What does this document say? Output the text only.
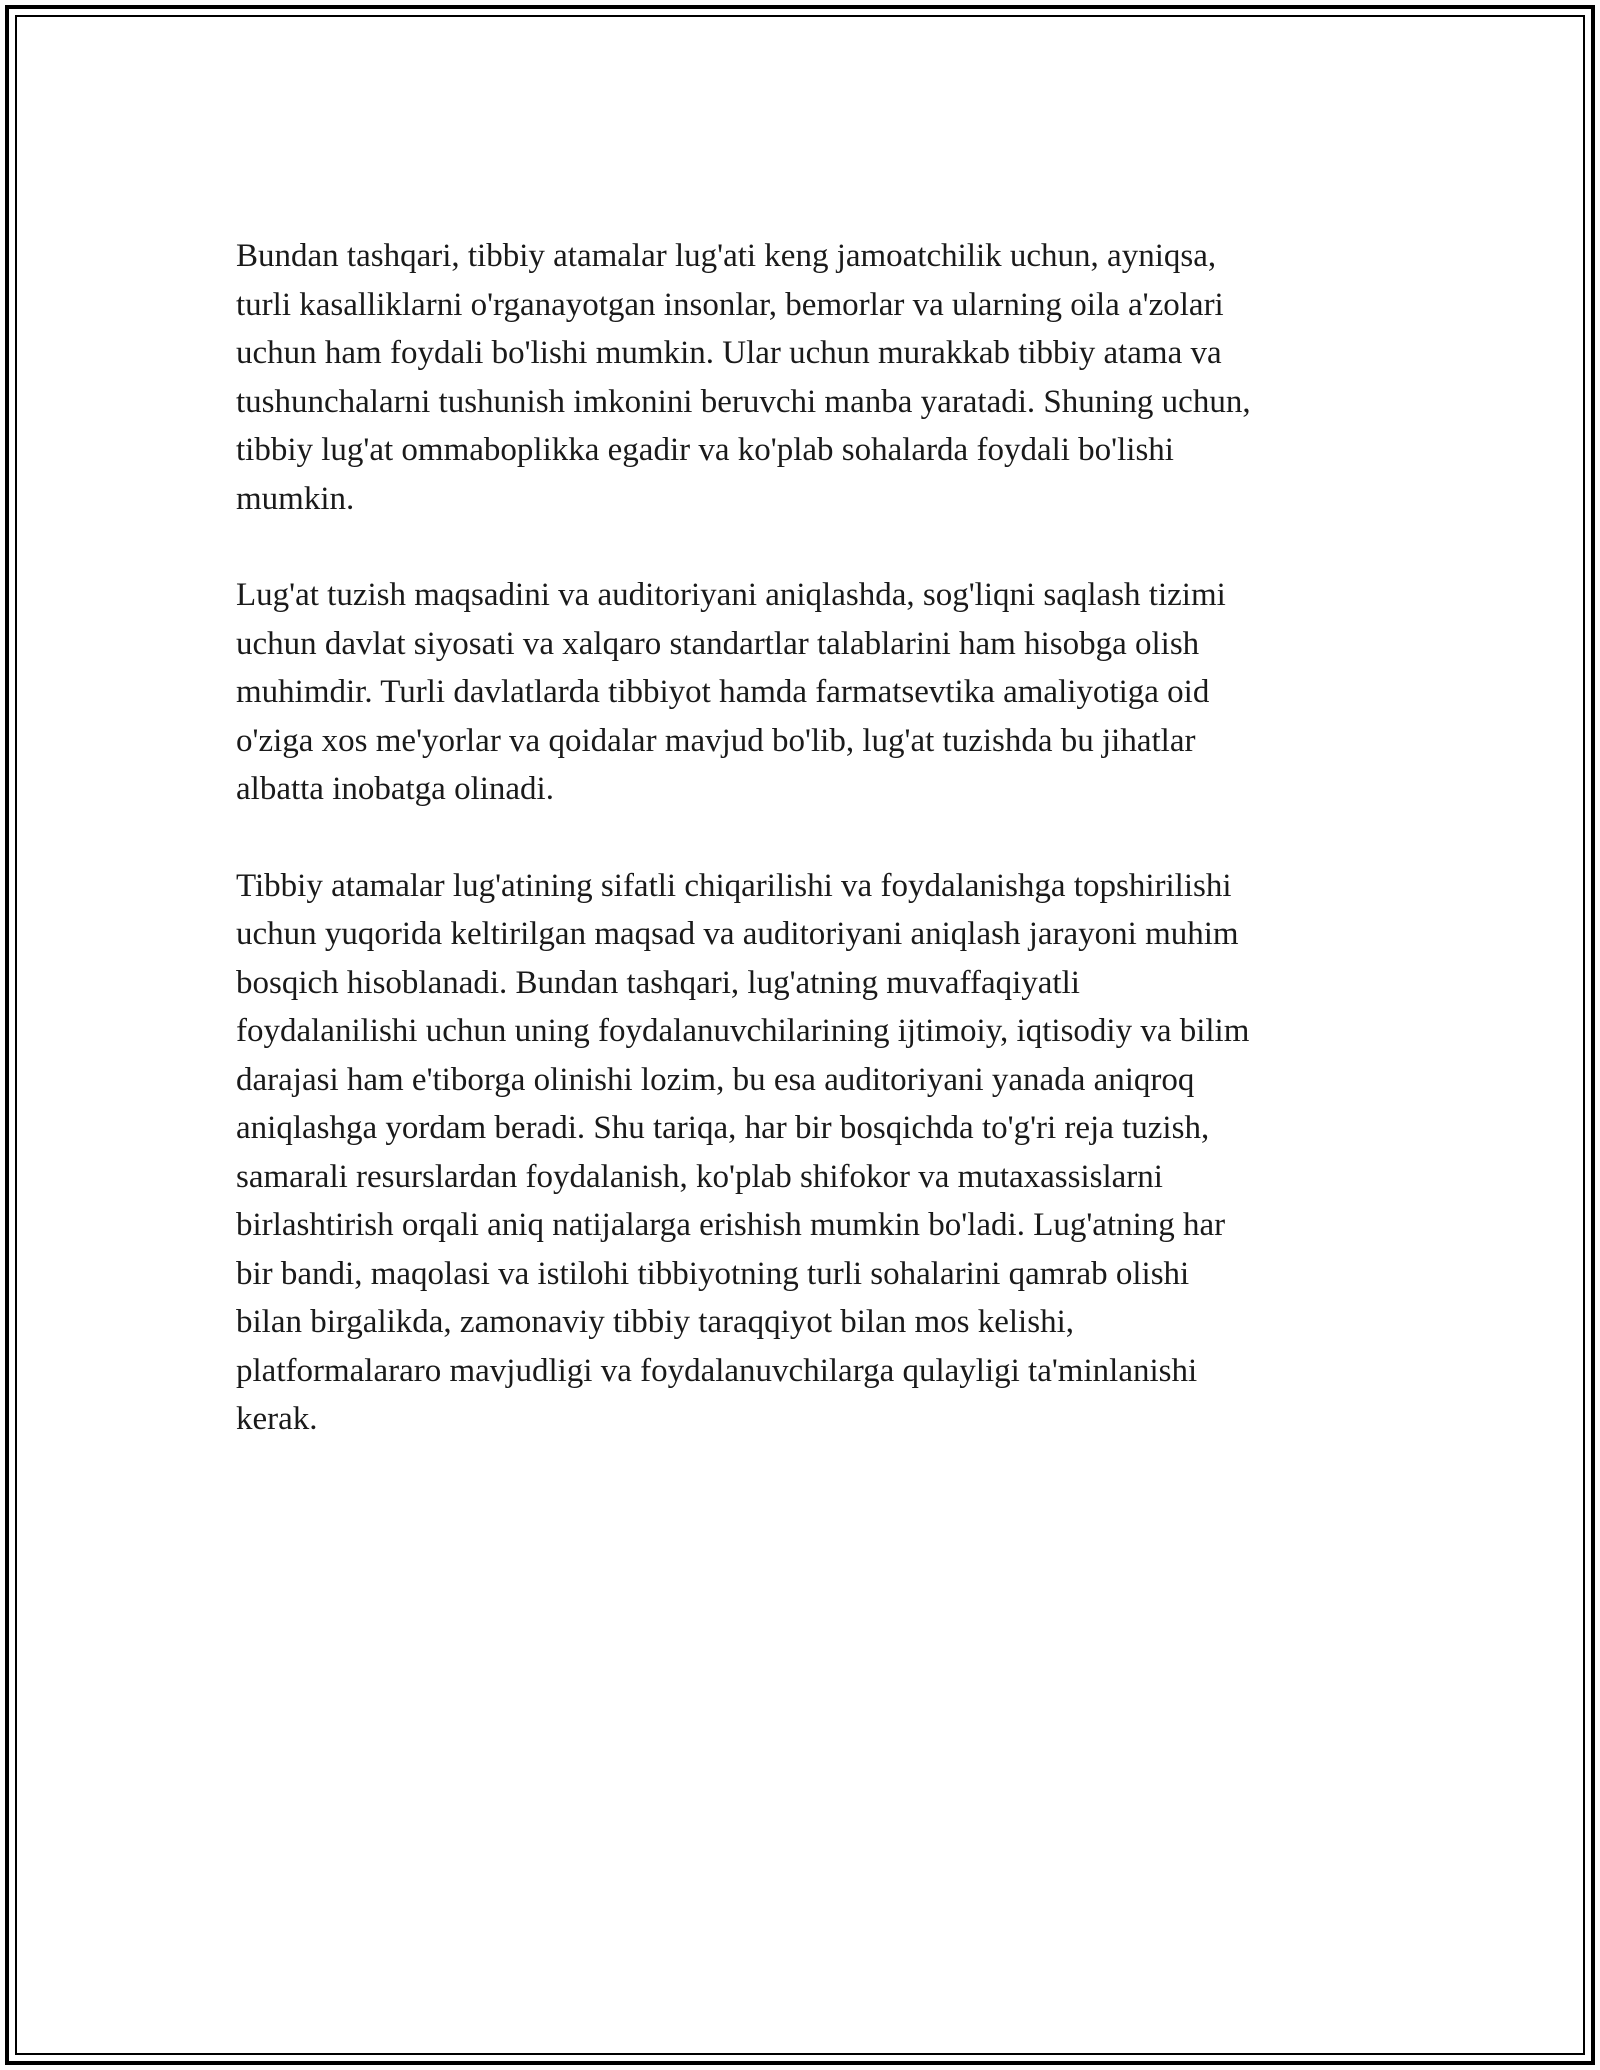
Bundan tashqari, tibbiy atamalar lug'ati keng jamoatchilik uchun, ayniqsa,
turli kasalliklarni o'rganayotgan insonlar, bemorlar va ularning oila a'zolari
uchun ham foydali bo'lishi mumkin. Ular uchun murakkab tibbiy atama va
tushunchalarni tushunish imkonini beruvchi manba yaratadi. Shuning uchun,
tibbiy lug'at ommaboplikka egadir va ko'plab sohalarda foydali bo'lishi
mumkin.

Lug'at tuzish maqsadini va auditoriyani aniqlashda, sog'liqni saqlash tizimi
uchun davlat siyosati va xalqaro standartlar talablarini ham hisobga olish
muhimdir. Turli davlatlarda tibbiyot hamda farmatsevtika amaliyotiga oid
o'ziga xos me'yorlar va qoidalar mavjud bo'lib, lug'at tuzishda bu jihatlar
albatta inobatga olinadi.

Tibbiy atamalar lug'atining sifatli chiqarilishi va foydalanishga topshirilishi
uchun yuqorida keltirilgan maqsad va auditoriyani aniqlash jarayoni muhim
bosqich hisoblanadi. Bundan tashqari, lug'atning muvaffaqiyatli
foydalanilishi uchun uning foydalanuvchilarining ijtimoiy, iqtisodiy va bilim
darajasi ham e'tiborga olinishi lozim, bu esa auditoriyani yanada aniqroq
aniqlashga yordam beradi. Shu tariqa, har bir bosqichda to'g'ri reja tuzish,
samarali resurslardan foydalanish, ko'plab shifokor va mutaxassislarni
birlashtirish orqali aniq natijalarga erishish mumkin bo'ladi. Lug'atning har
bir bandi, maqolasi va istilohi tibbiyotning turli sohalarini qamrab olishi
bilan birgalikda, zamonaviy tibbiy taraqqiyot bilan mos kelishi,
platformalararo mavjudligi va foydalanuvchilarga qulayligi ta'minlanishi
kerak.
